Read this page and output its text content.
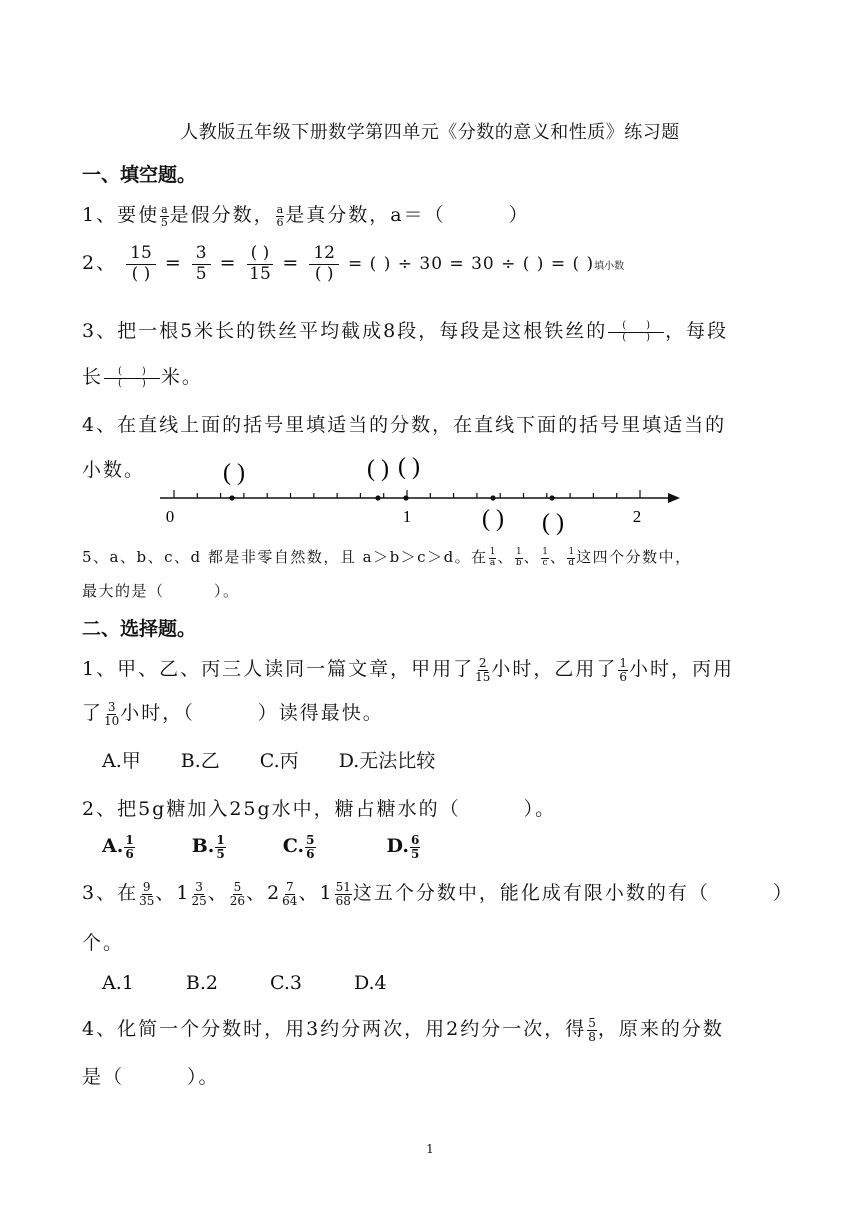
人教版五年级下册数学第四单元《分数的意义和性质》练习题
一、填空题。
1、要使 $\frac{a}{5}$ 是假分数， $\frac{a}{6}$ 是真分数，a＝（　　　）
2、 $\frac{15}{( )} = \frac{3}{5} = \frac{( )}{15} = \frac{12}{( )}$ = ( ) ÷ 30 = 30 ÷ ( ) = ( )填小数
3、把一根5米长的铁丝平均截成8段，每段是这根铁丝的 $\frac{( )}{( )}$ ，每段
长 $\frac{( )}{( )}$ 米。
4、在直线上面的括号里填适当的分数，在直线下面的括号里填适当的
小数。
0	1	2
( )	( ) ( )
( ) ( )
5、a、b、c、d 都是非零自然数，且 a＞b＞c＞d。在 $\frac{1}{a}$ 、 $\frac{1}{b}$ 、 $\frac{1}{c}$ 、 $\frac{1}{d}$ 这四个分数中，
最大的是（　　　）。
二、选择题。
1、甲、乙、丙三人读同一篇文章，甲用了 $\frac{2}{15}$ 小时，乙用了 $\frac{1}{6}$ 小时，丙用
了 $\frac{3}{10}$ 小时，（　　　）读得最快。
A.甲 B.乙 C.丙 D.无法比较
2、把5g糖加入25g水中，糖占糖水的（　　　）。
A. $\frac{1}{6}$	B. $\frac{1}{5}$	C. $\frac{5}{6}$	D. $\frac{6}{5}$
3、在 $\frac{9}{35}$ 、$1 \frac{3}{25}$ 、 $\frac{5}{26}$ 、$2 \frac{7}{64}$ 、$1 \frac{51}{68}$ 这五个分数中，能化成有限小数的有（　　　）
个。
A.1	B.2	C.3	D.4
4、化简一个分数时，用3约分两次，用2约分一次，得 $\frac{5}{8}$ ，原来的分数
是（　　　）。
1
